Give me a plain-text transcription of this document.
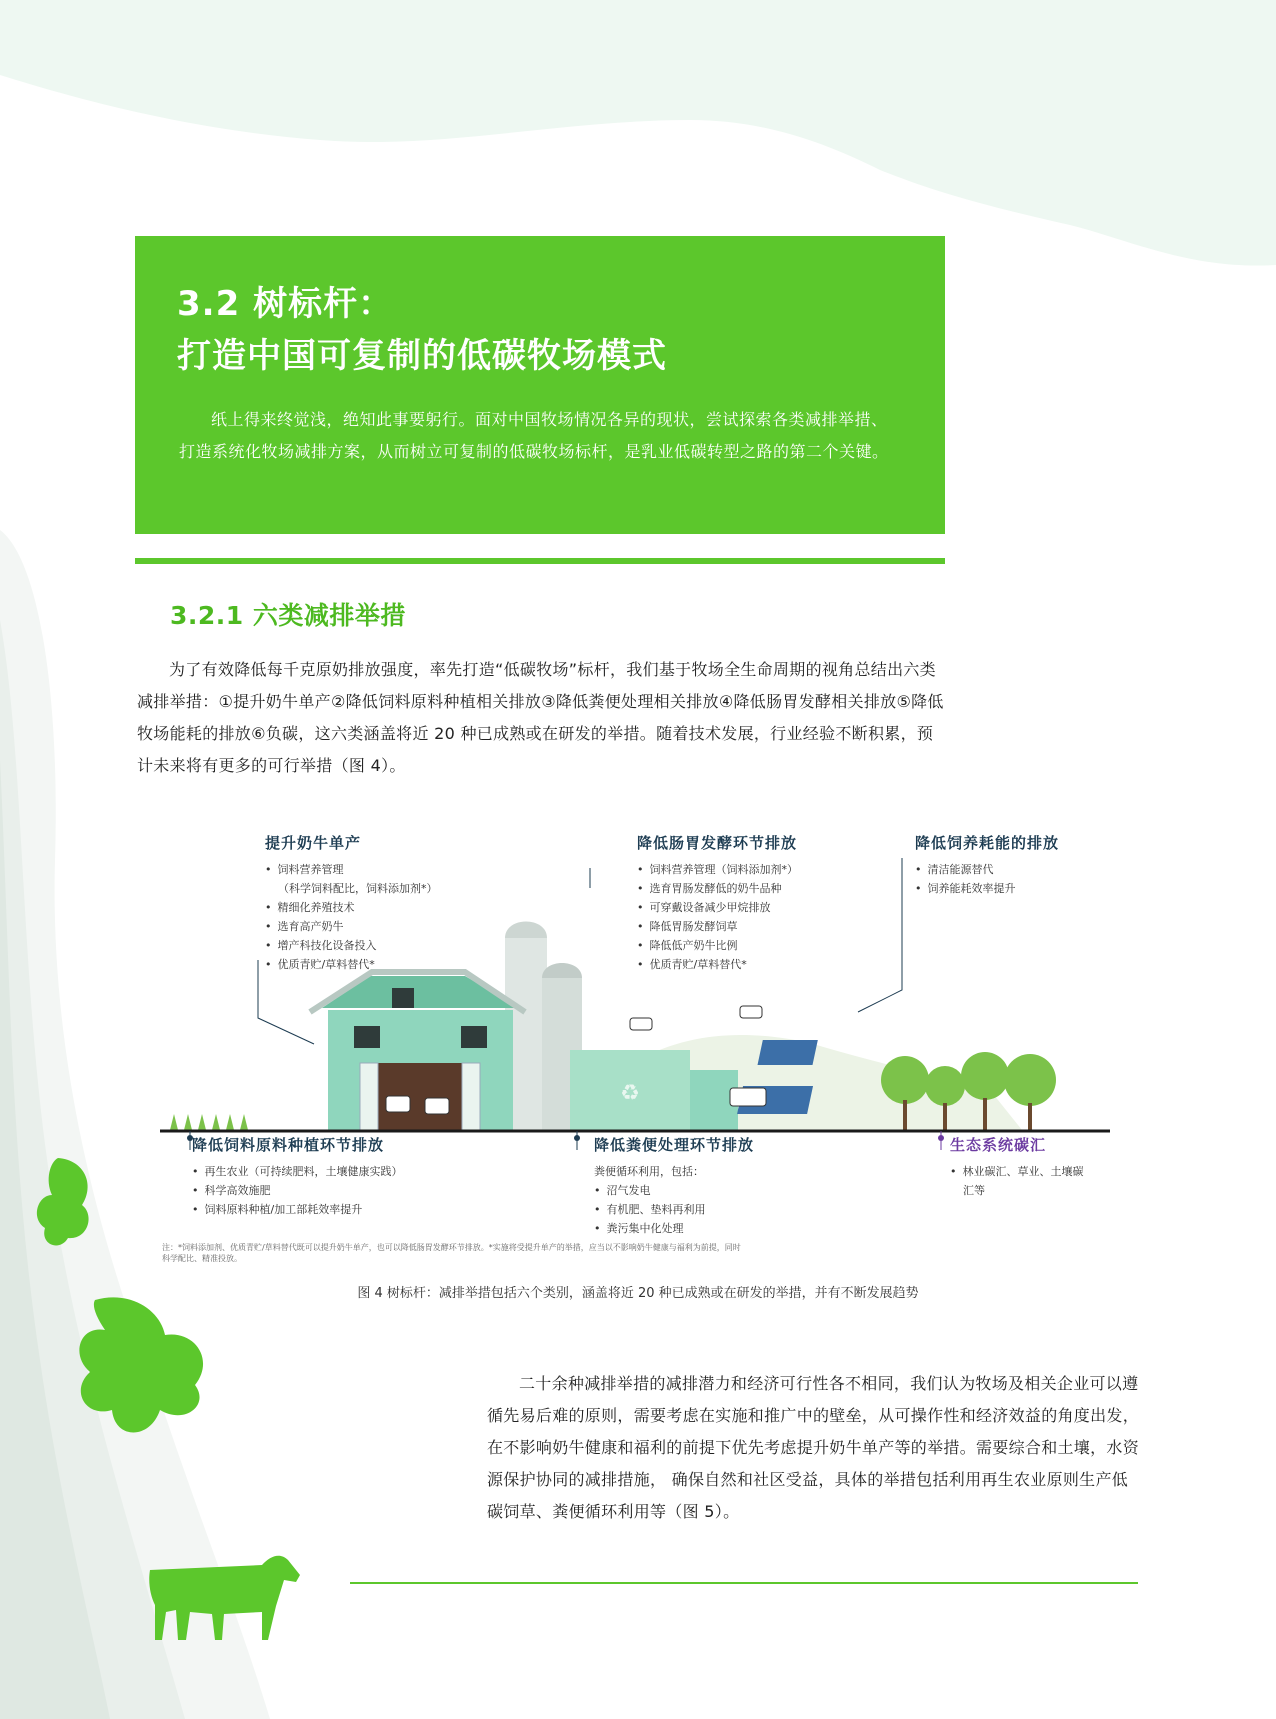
3.2 树标杆：
打造中国可复制的低碳牧场模式

纸上得来终觉浅，绝知此事要躬行。面对中国牧场情况各异的现状，尝试探索各类减排举措、打造系统化牧场减排方案，从而树立可复制的低碳牧场标杆，是乳业低碳转型之路的第二个关键。

3.2.1 六类减排举措

为了有效降低每千克原奶排放强度，率先打造“低碳牧场”标杆，我们基于牧场全生命周期的视角总结出六类减排举措：①提升奶牛单产②降低饲料原料种植相关排放③降低粪便处理相关排放④降低肠胃发酵相关排放⑤降低牧场能耗的排放⑥负碳，这六类涵盖将近 20 种已成熟或在研发的举措。随着技术发展，行业经验不断积累，预计未来将有更多的可行举措（图 4）。

♻
提升奶牛单产
• 饲料营养管理
（科学饲料配比，饲料添加剂*）
• 精细化养殖技术
• 选育高产奶牛
• 增产科技化设备投入
• 优质青贮/草料替代*
降低肠胃发酵环节排放
• 饲料营养管理（饲料添加剂*）
• 选育胃肠发酵低的奶牛品种
• 可穿戴设备减少甲烷排放
• 降低胃肠发酵饲草
• 降低低产奶牛比例
• 优质青贮/草料替代*
降低饲养耗能的排放
• 清洁能源替代
• 饲养能耗效率提升
降低饲料原料种植环节排放
• 再生农业（可持续肥料，土壤健康实践）
• 科学高效施肥
• 饲料原料种植/加工部耗效率提升
降低粪便处理环节排放
粪便循环利用，包括：
• 沼气发电
• 有机肥、垫料再利用
• 粪污集中化处理
生态系统碳汇
• 林业碳汇、草业、土壤碳
汇等
注：*饲料添加剂、优质青贮/草料替代既可以提升奶牛单产，也可以降低肠胃发酵环节排放。*实施将受提升单产的举措，应当以不影响奶牛健康与福利为前提，同时科学配比、精准投放。
图 4 树标杆：减排举措包括六个类别，涵盖将近 20 种已成熟或在研发的举措，并有不断发展趋势

二十余种减排举措的减排潜力和经济可行性各不相同，我们认为牧场及相关企业可以遵循先易后难的原则，需要考虑在实施和推广中的壁垒，从可操作性和经济效益的角度出发，在不影响奶牛健康和福利的前提下优先考虑提升奶牛单产等的举措。需要综合和土壤，水资源保护协同的减排措施， 确保自然和社区受益，具体的举措包括利用再生农业原则生产低碳饲草、粪便循环利用等（图 5）。
